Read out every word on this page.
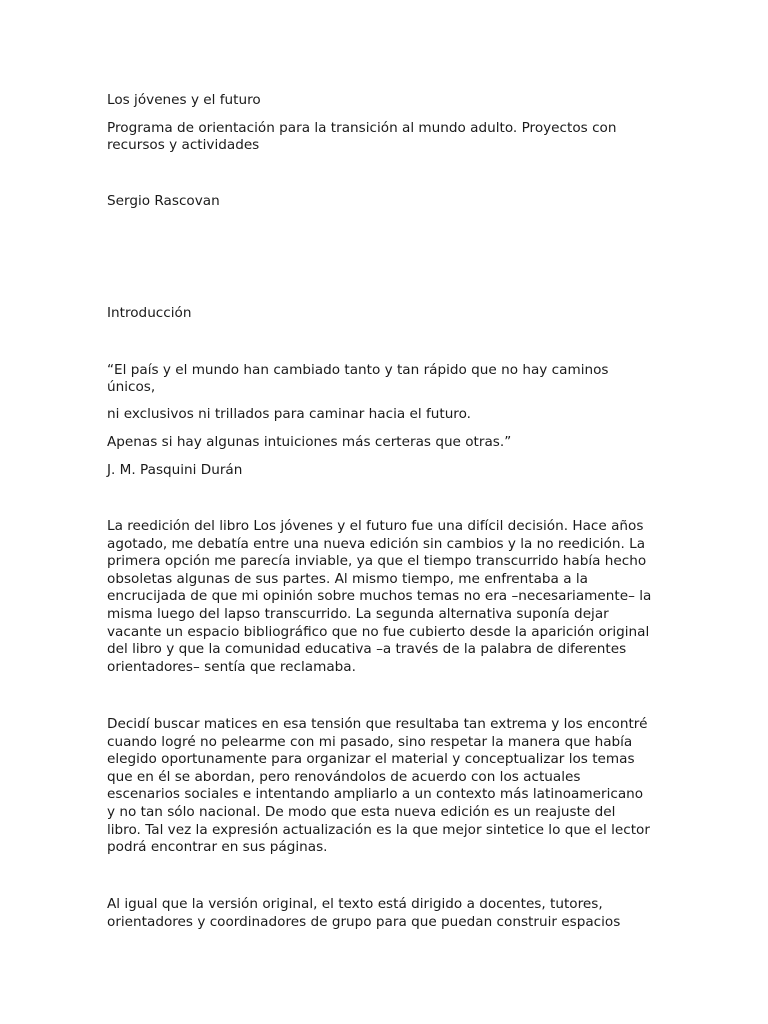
Los jóvenes y el futuro

Programa de orientación para la transición al mundo adulto. Proyectos con

recursos y actividades

Sergio Rascovan

Introducción

“El país y el mundo han cambiado tanto y tan rápido que no hay caminos

únicos,

ni exclusivos ni trillados para caminar hacia el futuro.

Apenas si hay algunas intuiciones más certeras que otras.”

J. M. Pasquini Durán

La reedición del libro Los jóvenes y el futuro fue una difícil decisión. Hace años
agotado, me debatía entre una nueva edición sin cambios y la no reedición. La
primera opción me parecía inviable, ya que el tiempo transcurrido había hecho
obsoletas algunas de sus partes. Al mismo tiempo, me enfrentaba a la
encrucijada de que mi opinión sobre muchos temas no era –necesariamente– la
misma luego del lapso transcurrido. La segunda alternativa suponía dejar
vacante un espacio bibliográfico que no fue cubierto desde la aparición original
del libro y que la comunidad educativa –a través de la palabra de diferentes
orientadores– sentía que reclamaba.
Decidí buscar matices en esa tensión que resultaba tan extrema y los encontré
cuando logré no pelearme con mi pasado, sino respetar la manera que había
elegido oportunamente para organizar el material y conceptualizar los temas
que en él se abordan, pero renovándolos de acuerdo con los actuales
escenarios sociales e intentando ampliarlo a un contexto más latinoamericano
y no tan sólo nacional. De modo que esta nueva edición es un reajuste del
libro. Tal vez la expresión actualización es la que mejor sintetice lo que el lector
podrá encontrar en sus páginas.
Al igual que la versión original, el texto está dirigido a docentes, tutores,
orientadores y coordinadores de grupo para que puedan construir espacios
